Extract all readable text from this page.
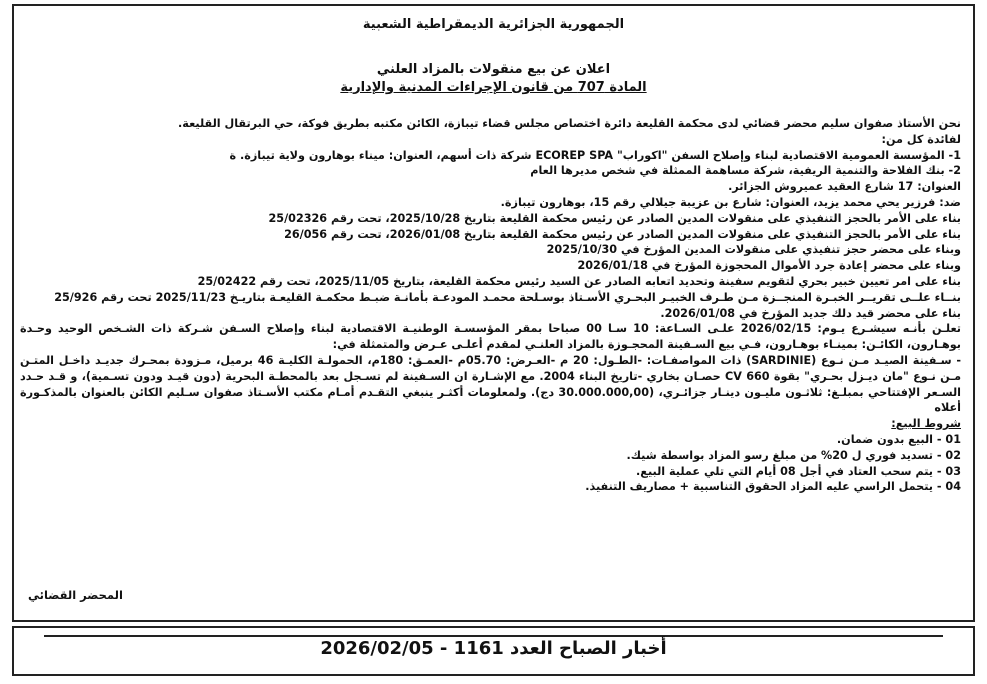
الجمهورية الجزائرية الديمقراطية الشعبية
اعلان عن بيع منقولات بالمزاد العلني
المادة 707 من قانون الإجراءات المدنية والإدارية

نحن الأستاذ صفوان سليم محضر قضائي لدى محكمة القليعة دائرة اختصاص مجلس قضاء تيبازة، الكائن مكتبه بطريق فوكة، حي البرتقال القليعة.

لفائدة كل من:

1- المؤسسة العمومية الاقتصادية لبناء وإصلاح السفن "اكوراب" ECOREP SPA شركة ذات أسهم، العنوان: ميناء بوهارون ولاية تيبازة. ة

2- بنك الفلاحة والتنمية الريفية، شركة مساهمة الممثلة في شخص مديرها العام

العنوان: 17 شارع العقيد عميروش الجزائر.

ضد: فرزير يحي محمد يزيد، العنوان: شارع بن عزيبة جيلالي رقم 15، بوهارون تيبازة.

بناء على الأمر بالحجز التنفيذي على منقولات المدين الصادر عن رئيس محكمة القليعة بتاريخ 2025/10/28، تحت رقم 25/02326

بناء على الأمر بالحجز التنفيذي على منقولات المدين الصادر عن رئيس محكمة القليعة بتاريخ 2026/01/08، تحت رقم 26/056

وبناء على محضر حجز تنفيذي على منقولات المدين المؤرخ في 2025/10/30

وبناء على محضر إعادة جرد الأموال المحجوزة المؤرخ في 2026/01/18

بناء على امر تعيين خبير بحري لتقويم سفينة وتحديد اتعابه الصادر عن السيد رئيس محكمة القليعة، بتاريخ 2025/11/05، تحت رقم 25/02422

بنــاء علــى تقريــر الخبـرة المنجــزة مـن طـرف الخبيـر البحـري الأسـتاذ بوسـلحة محمـد المودعـة بأمانـة ضبـط محكمـة القليعـة بتاريـخ 2025/11/23 تحت رقم 25/926

بناء على محضر قيد دلك جديد المؤرخ في 2026/01/08.

تعلـن بأنـه سيشـرع يـوم: 2026/02/15 علـى السـاعة: 10 سـا 00 صباحا بمقر المؤسسـة الوطنيـة الاقتصادية لبناء وإصلاح السـفن شـركة ذات الشـخص الوحيد وحـدة بوهـارون، الكائـن: بمينـاء بوهـارون، فـي بيع السـفينة المحجـوزة بالمزاد العلنـي لمقدم أعلـى عـرض والمتمثلة في:

- سـفينة الصيـد مـن نـوع (SARDINIE) ذات المواصفـات: -الطـول: 20 م -العـرض: 05.70م -العمـق: 180م، الحمولـة الكليـة 46 برميل، مـزودة بمحـرك جديـد داخـل المتـن مـن نـوع "مان ديـزل بحـري" بقوة CV 660 حصـان بخاري -تاريخ البناء 2004. مع الإشـارة ان السـفينة لم تسـجل بعد بالمحطـة البحرية (دون قيـد ودون تسـمية)، و قـد حـدد السـعر الإفتتاحي بمبلـغ: ثلاثـون مليـون دينـار جزائـري، (30.000.000,00 دج). ولمعلومات أكثـر ينبغي التقـدم أمـام مكتب الأسـتاذ صفوان سـليم الكائن بالعنوان بالمذكـورة أعلاه

شروط البيع:

01 - البيع بدون ضمان.

02 - تسديد فوري ل 20% من مبلغ رسو المزاد بواسطة شيك.

03 - يتم سحب العتاد في أجل 08 أيام التي تلي عملية البيع.

04 - يتحمل الراسي عليه المزاد الحقوق التناسبية + مصاريف التنفيذ.

المحضر القضائي
أخبار الصباح العدد 1161 - 2026/02/05
